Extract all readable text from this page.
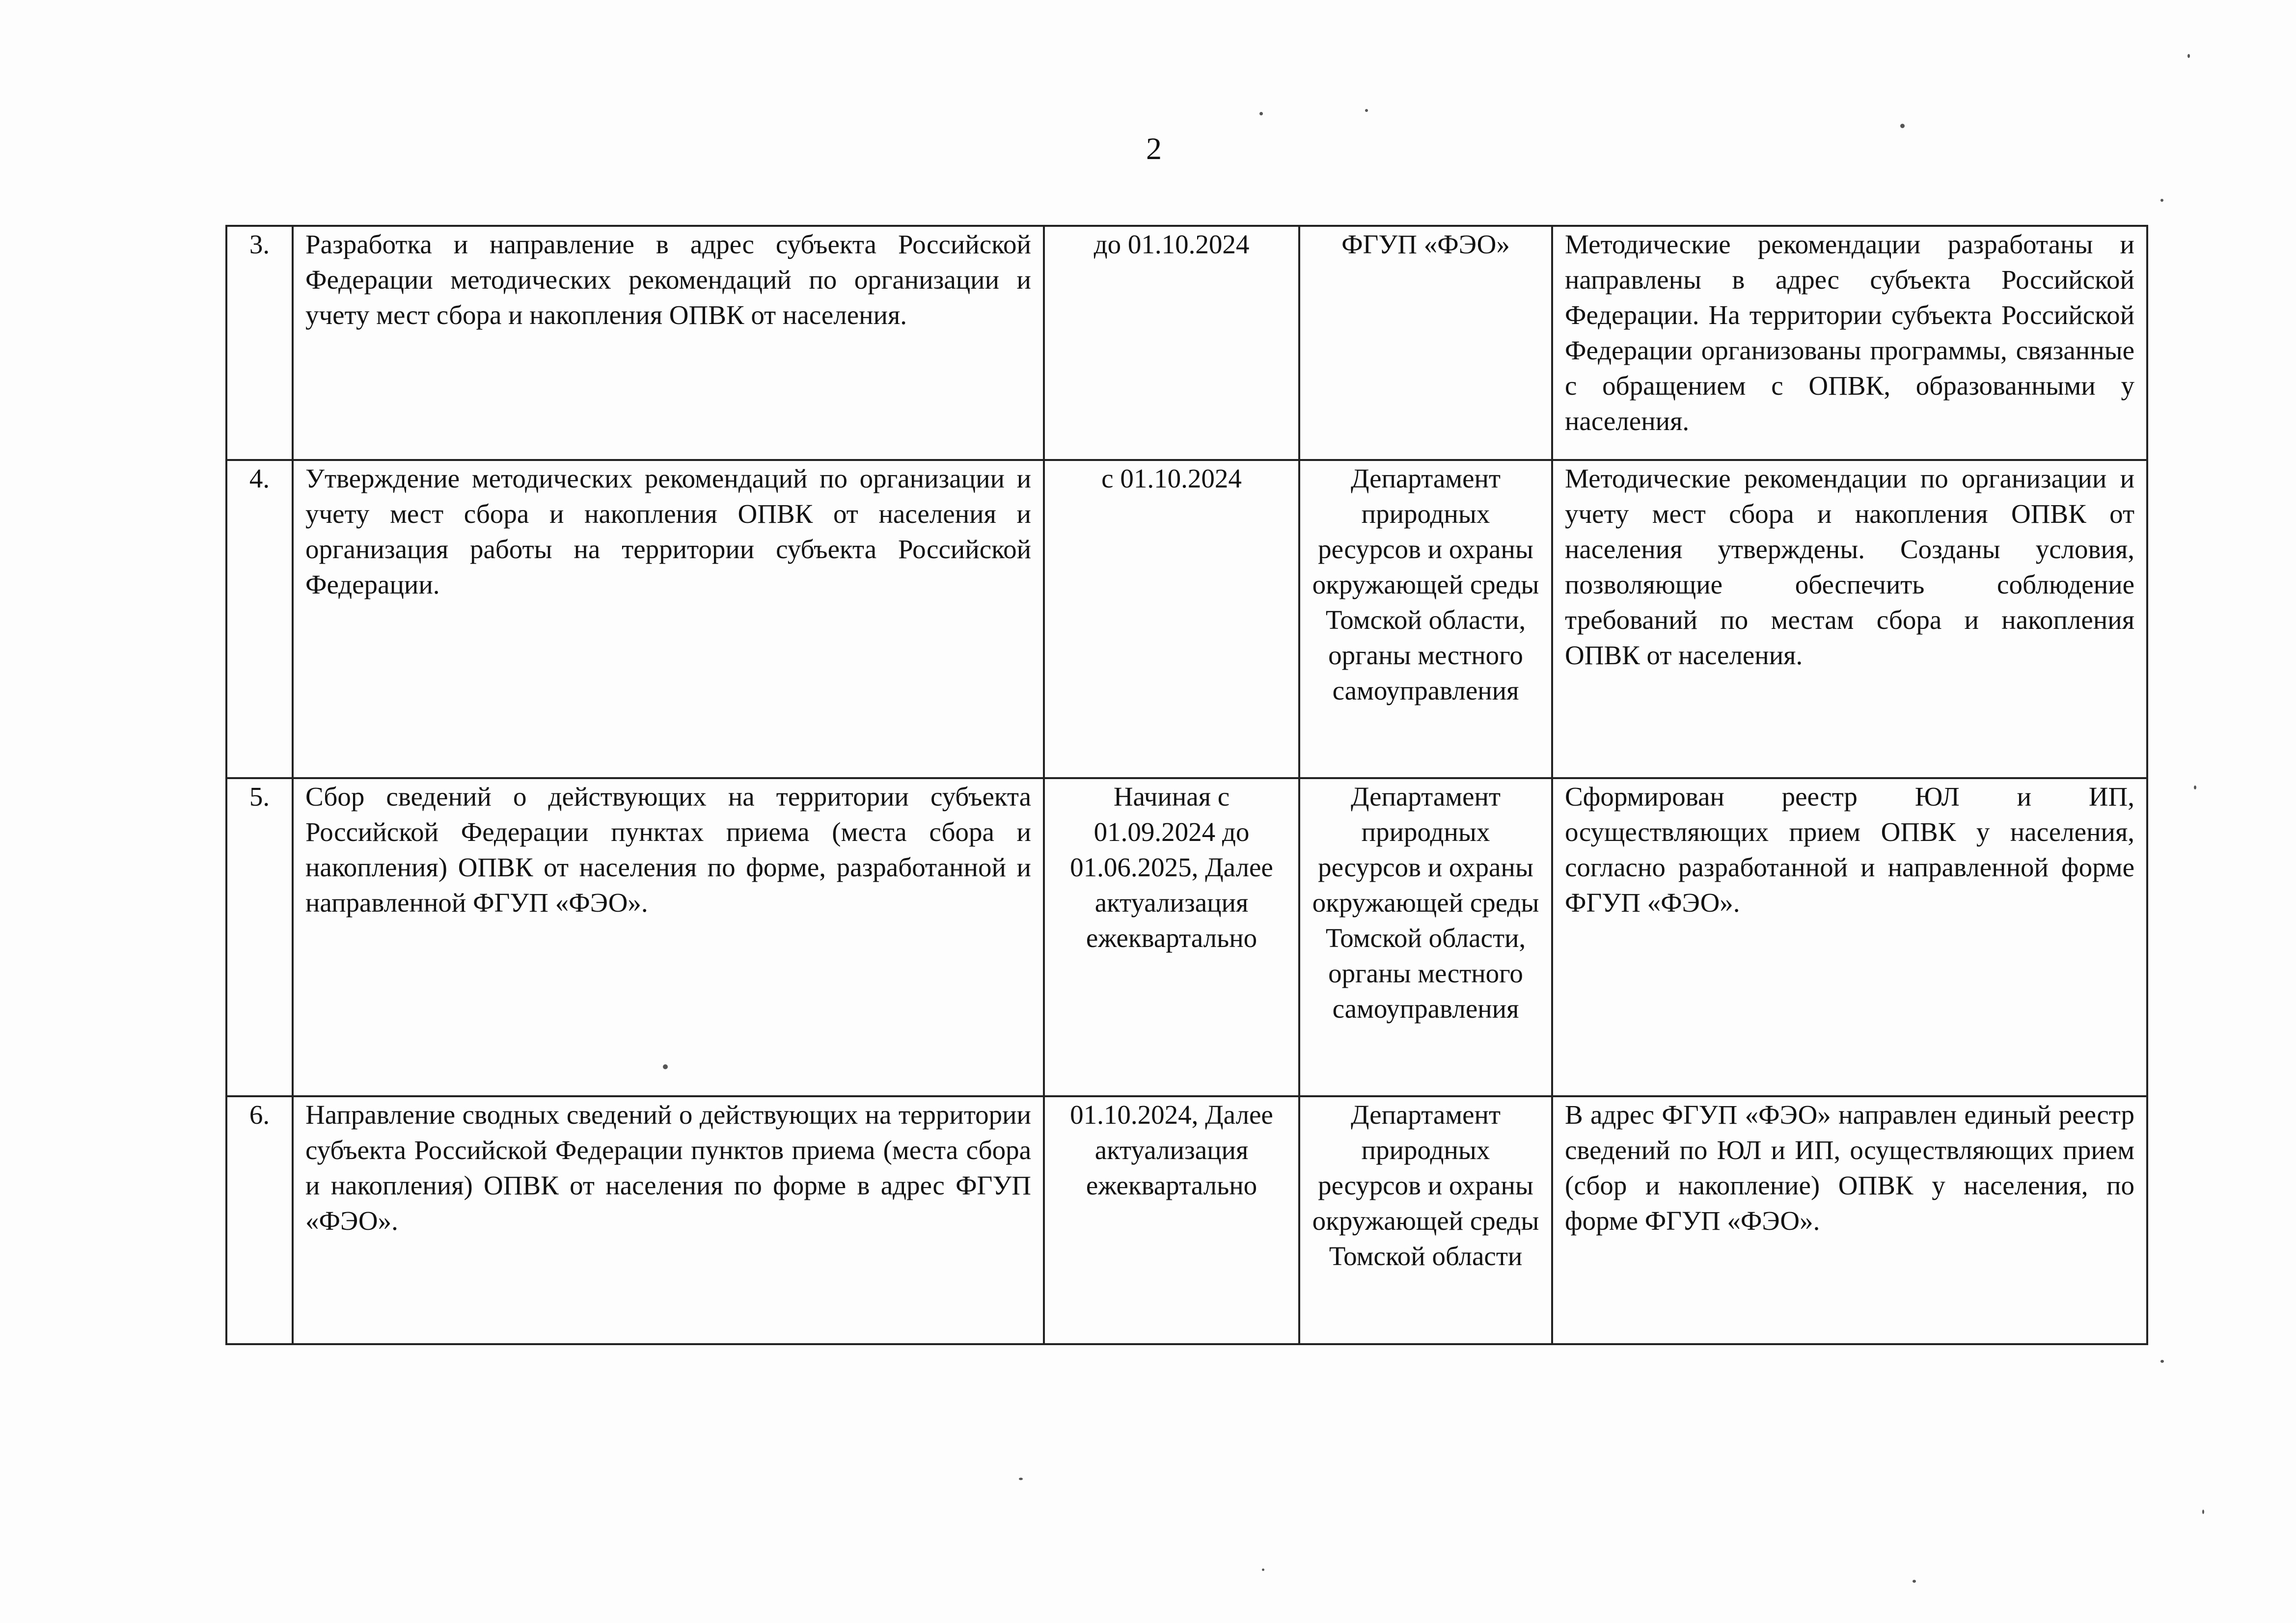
2
3.	Разработка и направление в адрес субъекта Российской Федерации методических рекомендаций по организации и учету мест сбора и накопления ОПВК от населения.	до 01.10.2024	ФГУП «ФЭО»	Методические рекомендации разработаны и направлены в адрес субъекта Российской Федерации. На территории субъекта Российской Федерации организованы программы, связанные с обращением с ОПВК, образованными у населения.
4.	Утверждение методических рекомендаций по организации и учету мест сбора и накопления ОПВК от населения и организация работы на территории субъекта Российской Федерации.	с 01.10.2024	Департамент природных ресурсов и охраны окружающей среды Томской области, органы местного самоуправления	Методические рекомендации по организации и учету мест сбора и накопления ОПВК от населения утверждены. Созданы условия, позволяющие обеспечить соблюдение требований по местам сбора и накопления ОПВК от населения.
5.	Сбор сведений о действующих на территории субъекта Российской Федерации пунктах приема (места сбора и накопления) ОПВК от населения по форме, разработанной и направленной ФГУП «ФЭО».	Начиная с 01.09.2024 до 01.06.2025, Далее актуализация ежеквартально	Департамент природных ресурсов и охраны окружающей среды Томской области, органы местного самоуправления	Сформирован реестр ЮЛ и ИП, осуществляющих прием ОПВК у населения, согласно разработанной и направленной форме ФГУП «ФЭО».
6.	Направление сводных сведений о действующих на территории субъекта Российской Федерации пунктов приема (места сбора и накопления) ОПВК от населения по форме в адрес ФГУП «ФЭО».	01.10.2024, Далее актуализация ежеквартально	Департамент природных ресурсов и охраны окружающей среды Томской области	В адрес ФГУП «ФЭО» направлен единый реестр сведений по ЮЛ и ИП, осуществляющих прием (сбор и накопление) ОПВК у населения, по форме ФГУП «ФЭО».
